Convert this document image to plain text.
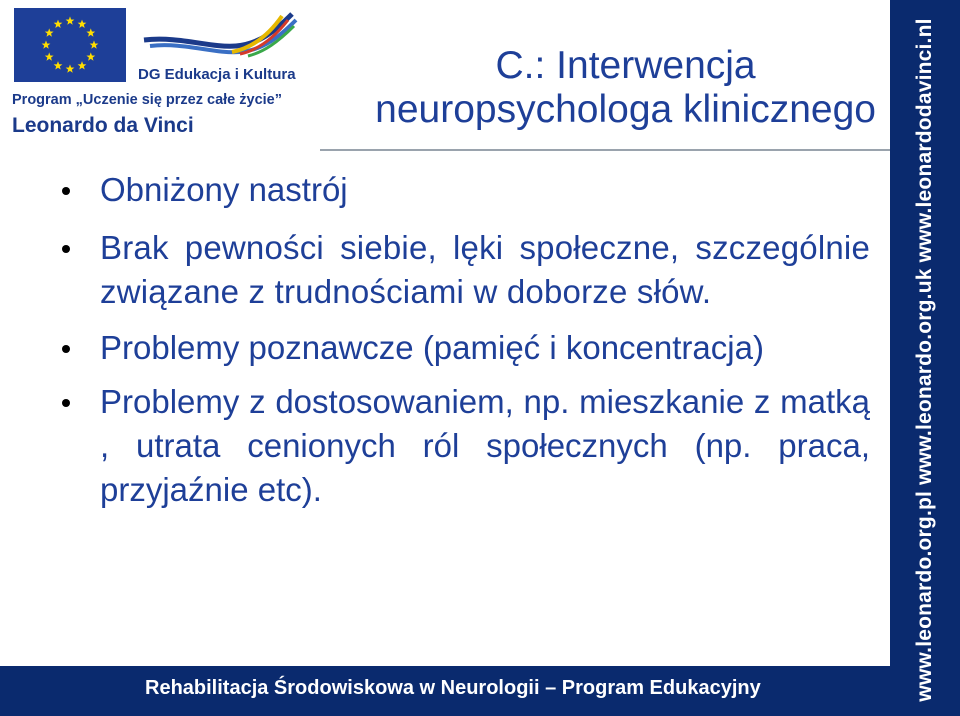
DG Edukacja i Kultura
Program „Uczenie się przez całe życie”
Leonardo da Vinci
C.: Interwencja
neuropsychologa klinicznego
Obniżony nastrój
Brak pewności siebie, lęki społeczne, szczególnie związane z trudnościami w doborze słów.
Problemy poznawcze (pamięć i koncentracja)
Problemy z dostosowaniem, np. mieszkanie z matką , utrata cenionych ról społecznych (np. praca, przyjaźnie etc).	www.leonardo.org.pl www.leonardo.org.uk www.leonardodavinci.nl
Rehabilitacja Środowiskowa w Neurologii – Program Edukacyjny
